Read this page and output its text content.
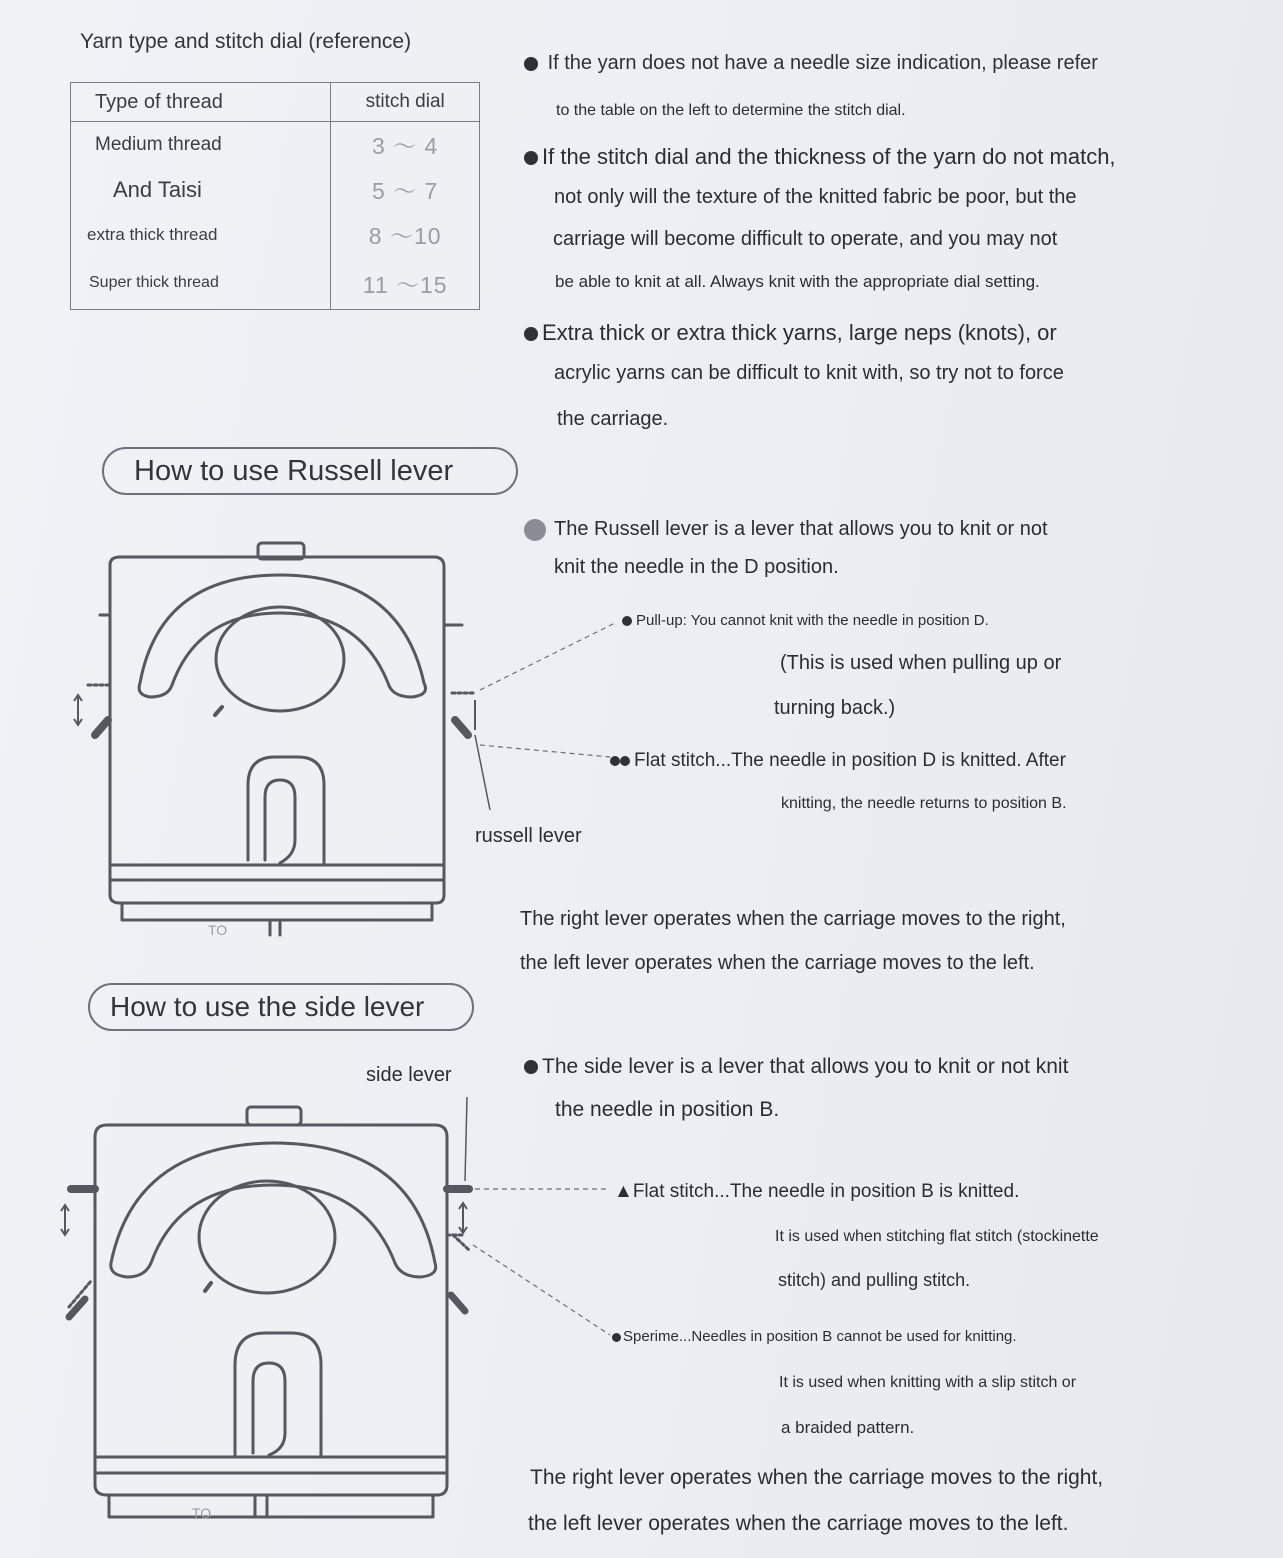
Yarn type and stitch dial (reference)
Type of thread	stitch dial
Medium thread	3 ～ 4
And Taisi	5 ～ 7
extra thick thread	8 ～10
Super thick thread	11 ～15
If the yarn does not have a needle size indication, please refer
to the table on the left to determine the stitch dial.
If the stitch dial and the thickness of the yarn do not match,
not only will the texture of the knitted fabric be poor, but the
carriage will become difficult to operate, and you may not
be able to knit at all. Always knit with the appropriate dial setting.
Extra thick or extra thick yarns, large neps (knots), or
acrylic yarns can be difficult to knit with, so try not to force
the carriage.
How to use Russell lever
The Russell lever is a lever that allows you to knit or not
knit the needle in the D position.
Pull-up: You cannot knit with the needle in position D.
(This is used when pulling up or
turning back.)
Flat stitch...The needle in position D is knitted. After
knitting, the needle returns to position B.
russell lever
The right lever operates when the carriage moves to the right,
the left lever operates when the carriage moves to the left.
TO
How to use the side lever
side lever	The side lever is a lever that allows you to knit or not knit
the needle in position B.
▲Flat stitch...The needle in position B is knitted.
It is used when stitching flat stitch (stockinette
stitch) and pulling stitch.
Sperime...Needles in position B cannot be used for knitting.
It is used when knitting with a slip stitch or
a braided pattern.
The right lever operates when the carriage moves to the right,
the left lever operates when the carriage moves to the left.
TO
